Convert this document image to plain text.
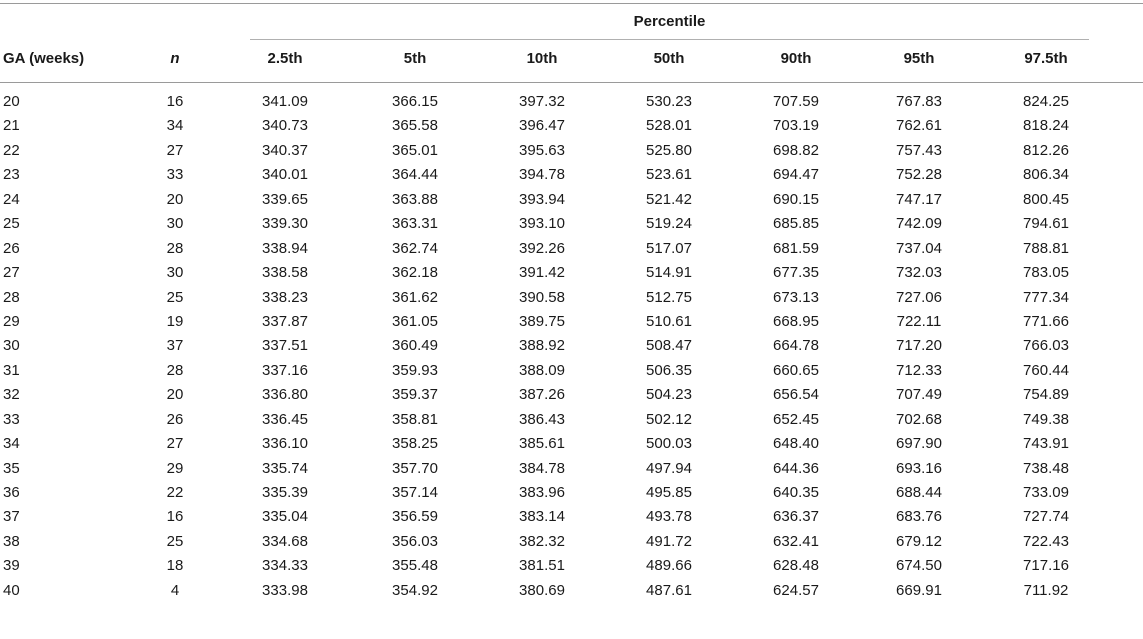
Percentile
GA (weeks)	n	2.5th	5th	10th	50th	90th	95th	97.5th
20	16	341.09	366.15	397.32	530.23	707.59	767.83	824.25
21	34	340.73	365.58	396.47	528.01	703.19	762.61	818.24
22	27	340.37	365.01	395.63	525.80	698.82	757.43	812.26
23	33	340.01	364.44	394.78	523.61	694.47	752.28	806.34
24	20	339.65	363.88	393.94	521.42	690.15	747.17	800.45
25	30	339.30	363.31	393.10	519.24	685.85	742.09	794.61
26	28	338.94	362.74	392.26	517.07	681.59	737.04	788.81
27	30	338.58	362.18	391.42	514.91	677.35	732.03	783.05
28	25	338.23	361.62	390.58	512.75	673.13	727.06	777.34
29	19	337.87	361.05	389.75	510.61	668.95	722.11	771.66
30	37	337.51	360.49	388.92	508.47	664.78	717.20	766.03
31	28	337.16	359.93	388.09	506.35	660.65	712.33	760.44
32	20	336.80	359.37	387.26	504.23	656.54	707.49	754.89
33	26	336.45	358.81	386.43	502.12	652.45	702.68	749.38
34	27	336.10	358.25	385.61	500.03	648.40	697.90	743.91
35	29	335.74	357.70	384.78	497.94	644.36	693.16	738.48
36	22	335.39	357.14	383.96	495.85	640.35	688.44	733.09
37	16	335.04	356.59	383.14	493.78	636.37	683.76	727.74
38	25	334.68	356.03	382.32	491.72	632.41	679.12	722.43
39	18	334.33	355.48	381.51	489.66	628.48	674.50	717.16
40	4	333.98	354.92	380.69	487.61	624.57	669.91	711.92
